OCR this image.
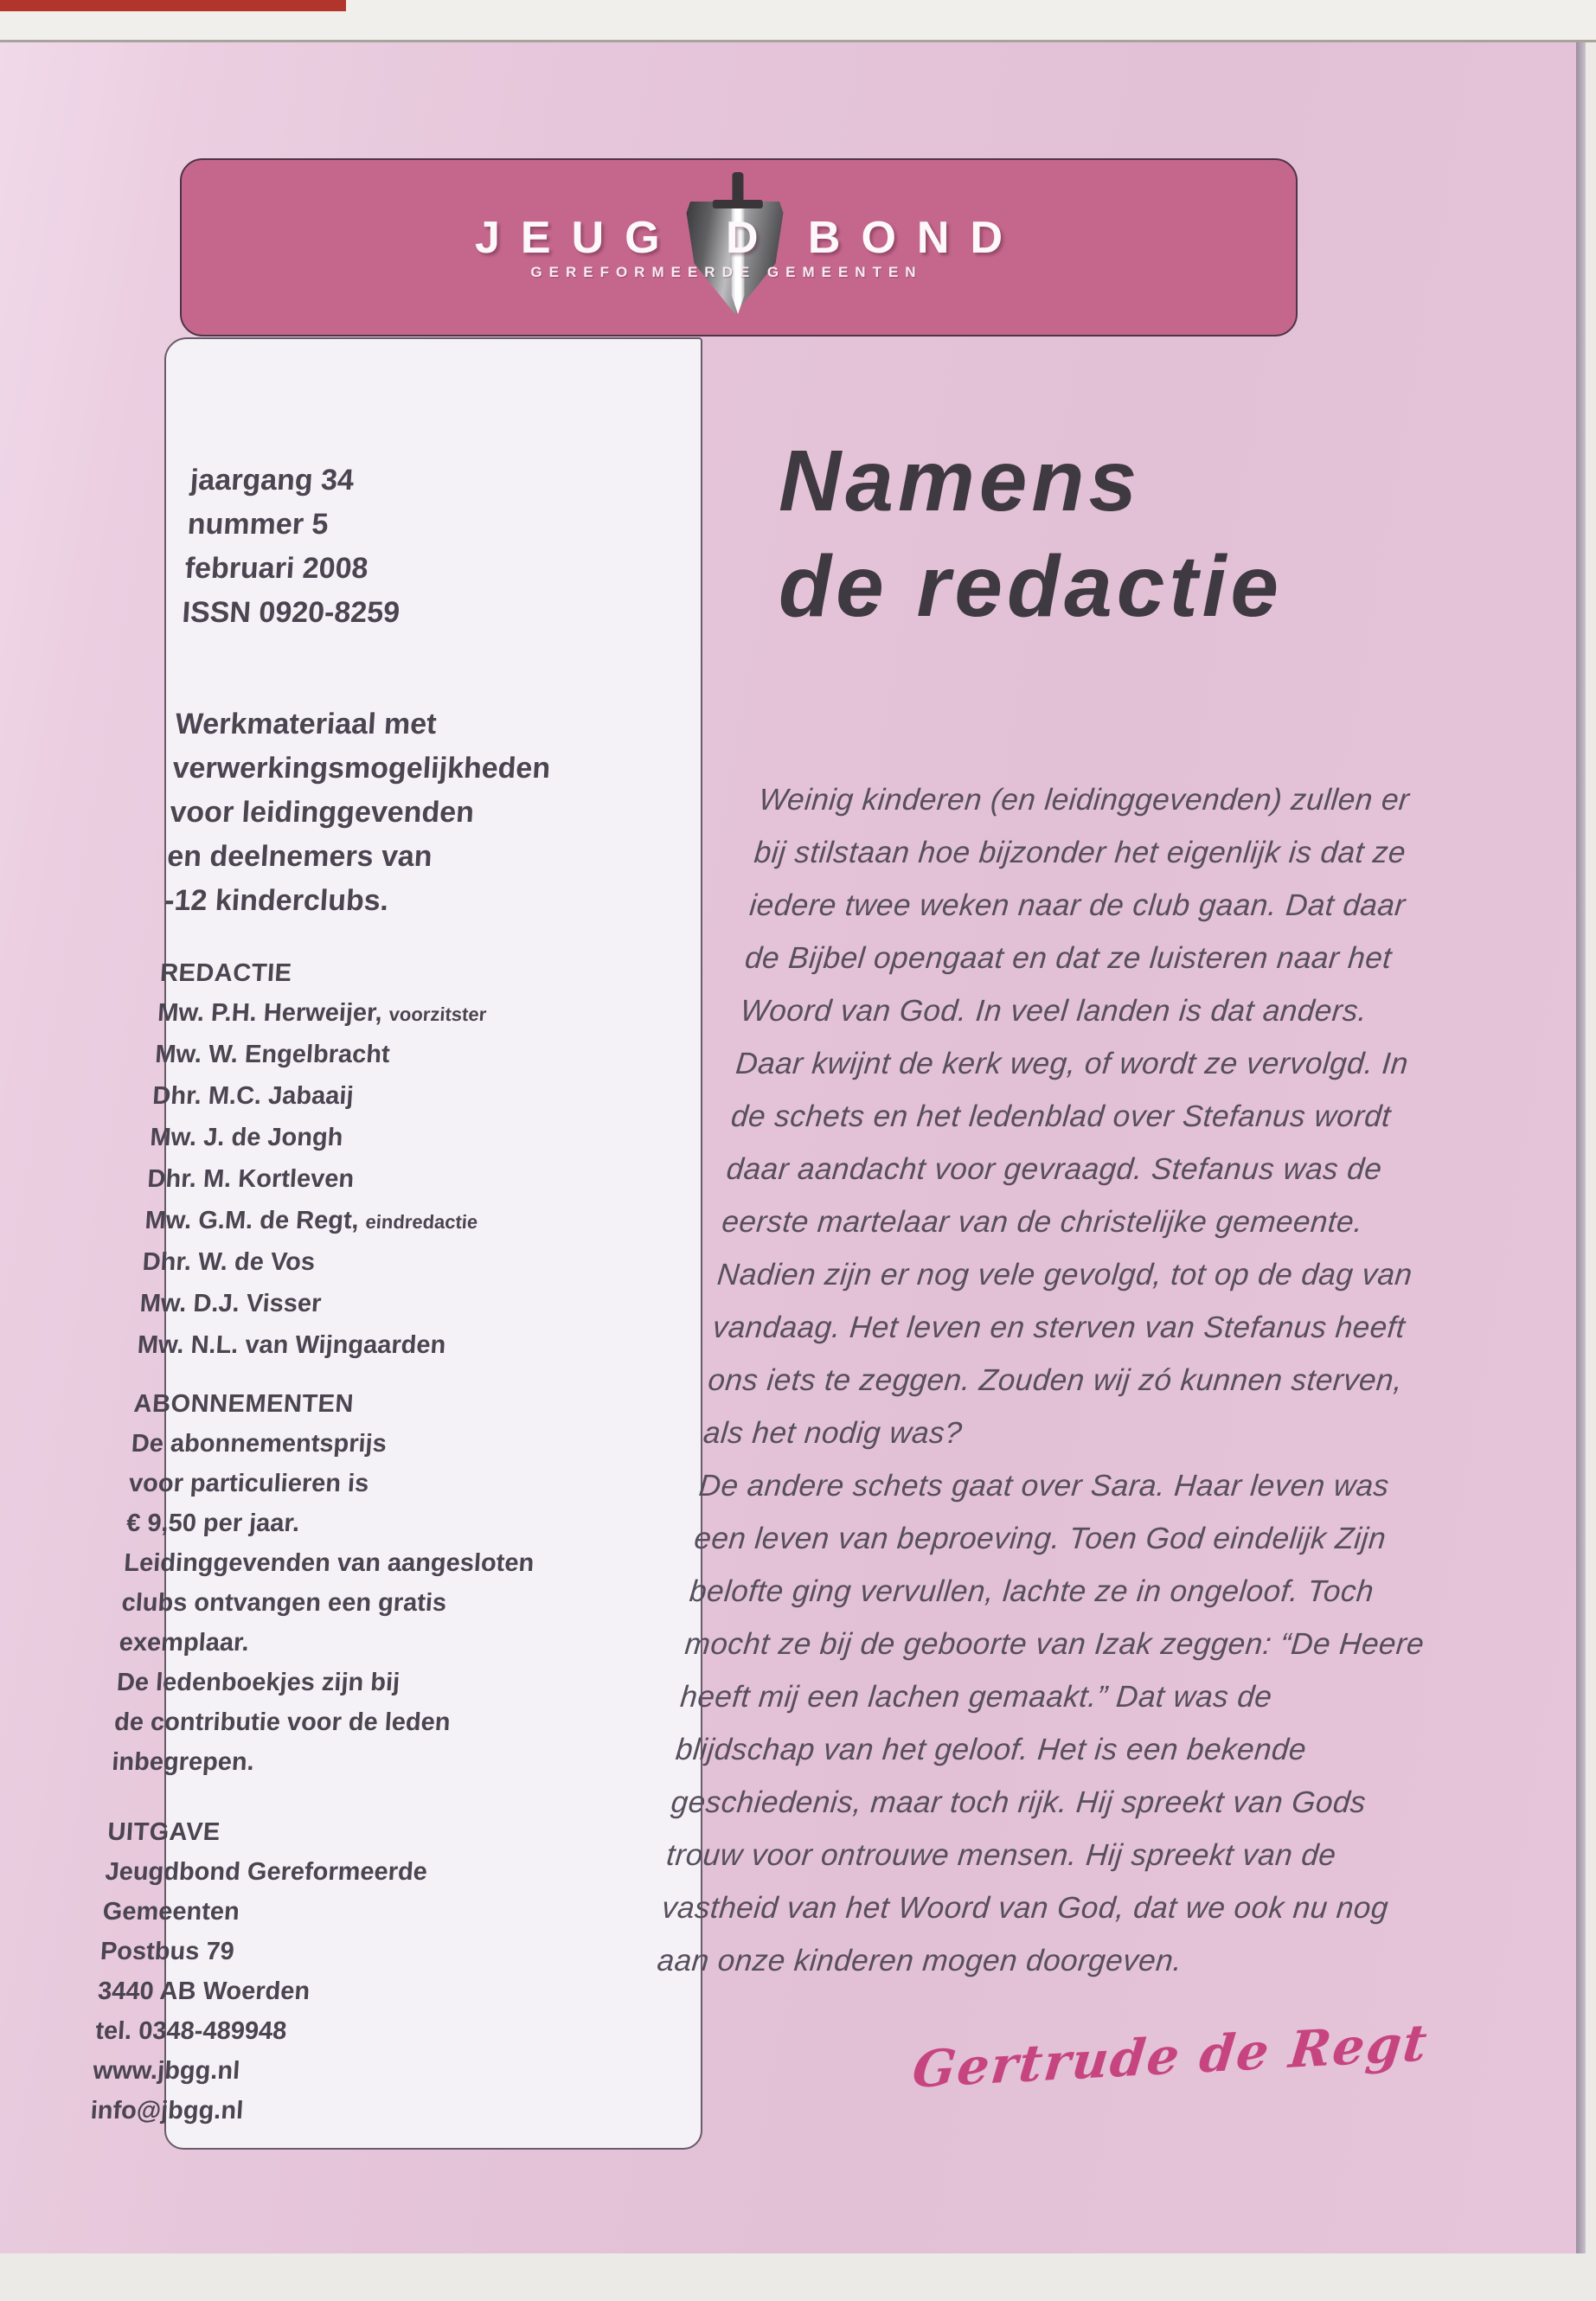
JEUG	BOND
D
GEREFORMEERDE GEMEENTEN
jaargang 34
nummer 5
februari 2008
ISSN 0920-8259
Werkmateriaal met
verwerkingsmogelijkheden
voor leidinggevenden
en deelnemers van
-12 kinderclubs.
REDACTIE
Mw. P.H. Herweijer, voorzitster
Mw. W. Engelbracht
Dhr. M.C. Jabaaij
Mw. J. de Jongh
Dhr. M. Kortleven
Mw. G.M. de Regt, eindredactie
Dhr. W. de Vos
Mw. D.J. Visser
Mw. N.L. van Wijngaarden
ABONNEMENTEN
De abonnementsprijs
voor particulieren is
€ 9,50 per jaar.
Leidinggevenden van aangesloten
clubs ontvangen een gratis
exemplaar.
De ledenboekjes zijn bij
de contributie voor de leden
inbegrepen.
UITGAVE
Jeugdbond Gereformeerde
Gemeenten
Postbus 79
3440 AB Woerden
tel. 0348-489948
www.jbgg.nl
info@jbgg.nl
Namens
de redactie
Weinig kinderen (en leidinggevenden) zullen er
bij stilstaan hoe bijzonder het eigenlijk is dat ze
iedere twee weken naar de club gaan. Dat daar
de Bijbel opengaat en dat ze luisteren naar het
Woord van God. In veel landen is dat anders.
Daar kwijnt de kerk weg, of wordt ze vervolgd. In
de schets en het ledenblad over Stefanus wordt
daar aandacht voor gevraagd. Stefanus was de
eerste martelaar van de christelijke gemeente.
Nadien zijn er nog vele gevolgd, tot op de dag van
vandaag. Het leven en sterven van Stefanus heeft
ons iets te zeggen. Zouden wij zó kunnen sterven,
als het nodig was?
De andere schets gaat over Sara. Haar leven was
een leven van beproeving. Toen God eindelijk Zijn
belofte ging vervullen, lachte ze in ongeloof. Toch
mocht ze bij de geboorte van Izak zeggen: “De Heere
heeft mij een lachen gemaakt.” Dat was de
blijdschap van het geloof. Het is een bekende
geschiedenis, maar toch rijk. Hij spreekt van Gods
trouw voor ontrouwe mensen. Hij spreekt van de
vastheid van het Woord van God, dat we ook nu nog
aan onze kinderen mogen doorgeven.
Gertrude de Regt
